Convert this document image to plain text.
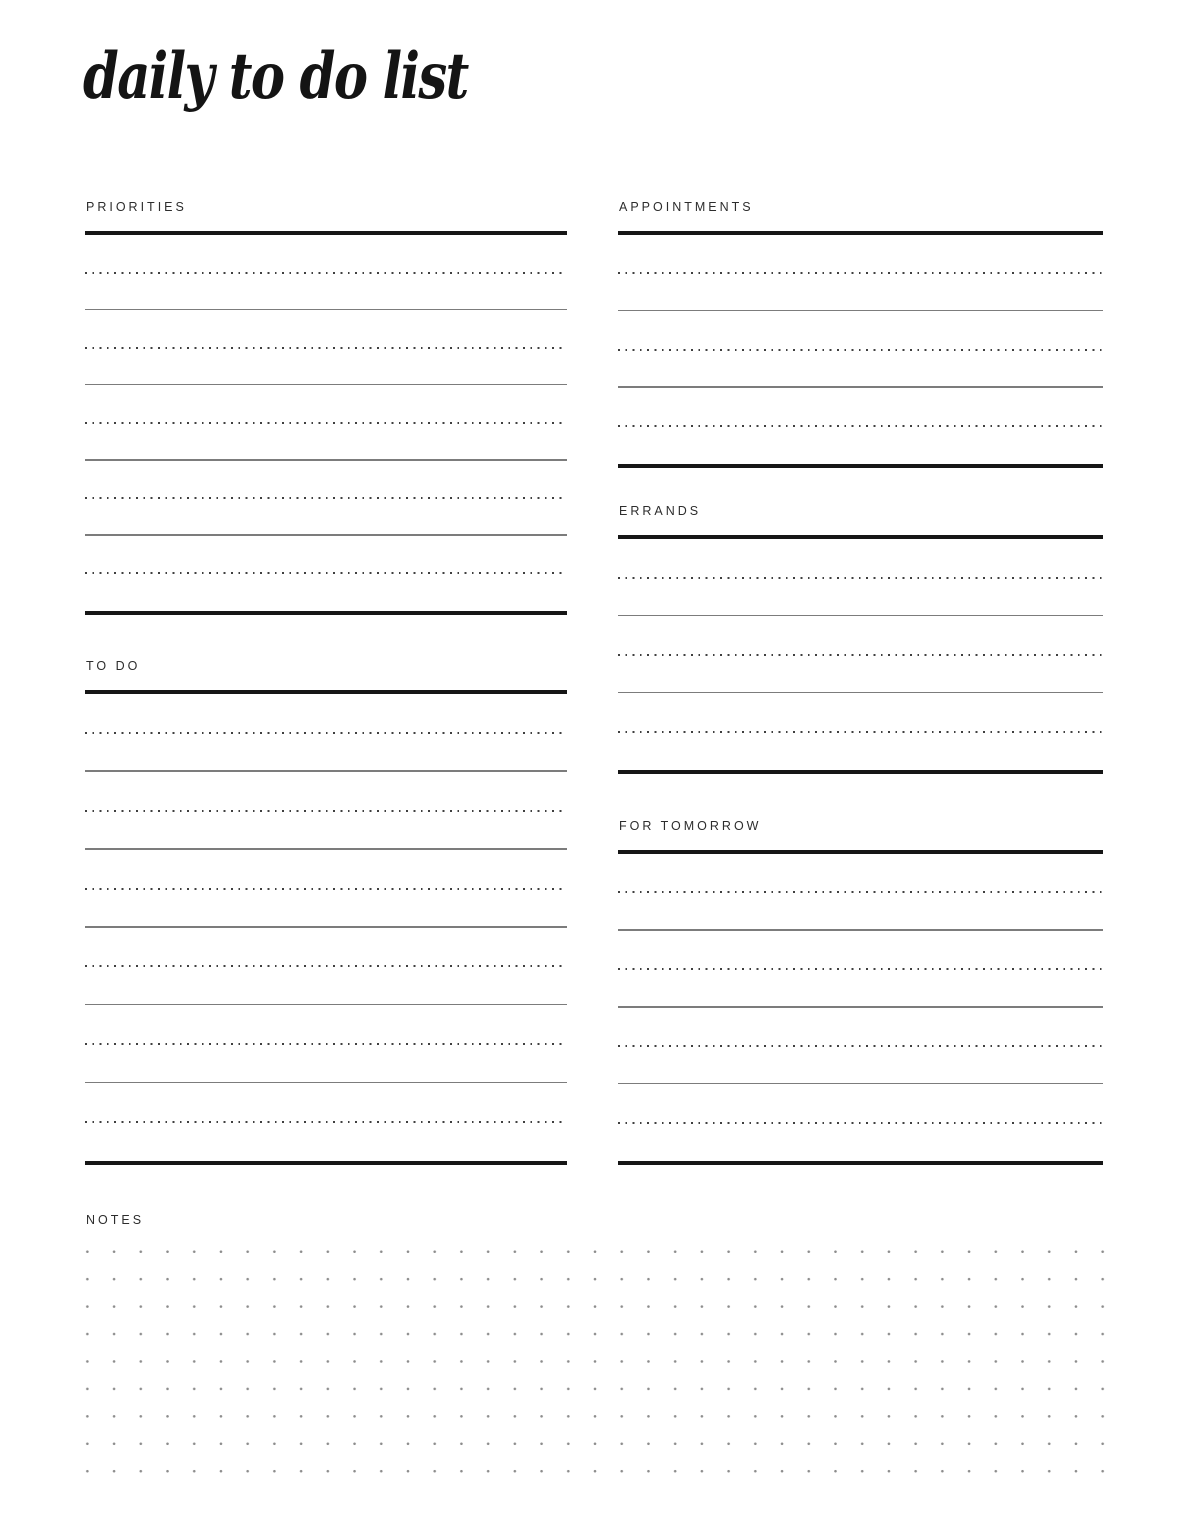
daily to do list
PRIORITIES
TO DO
APPOINTMENTS
ERRANDS
FOR TOMORROW
NOTES
